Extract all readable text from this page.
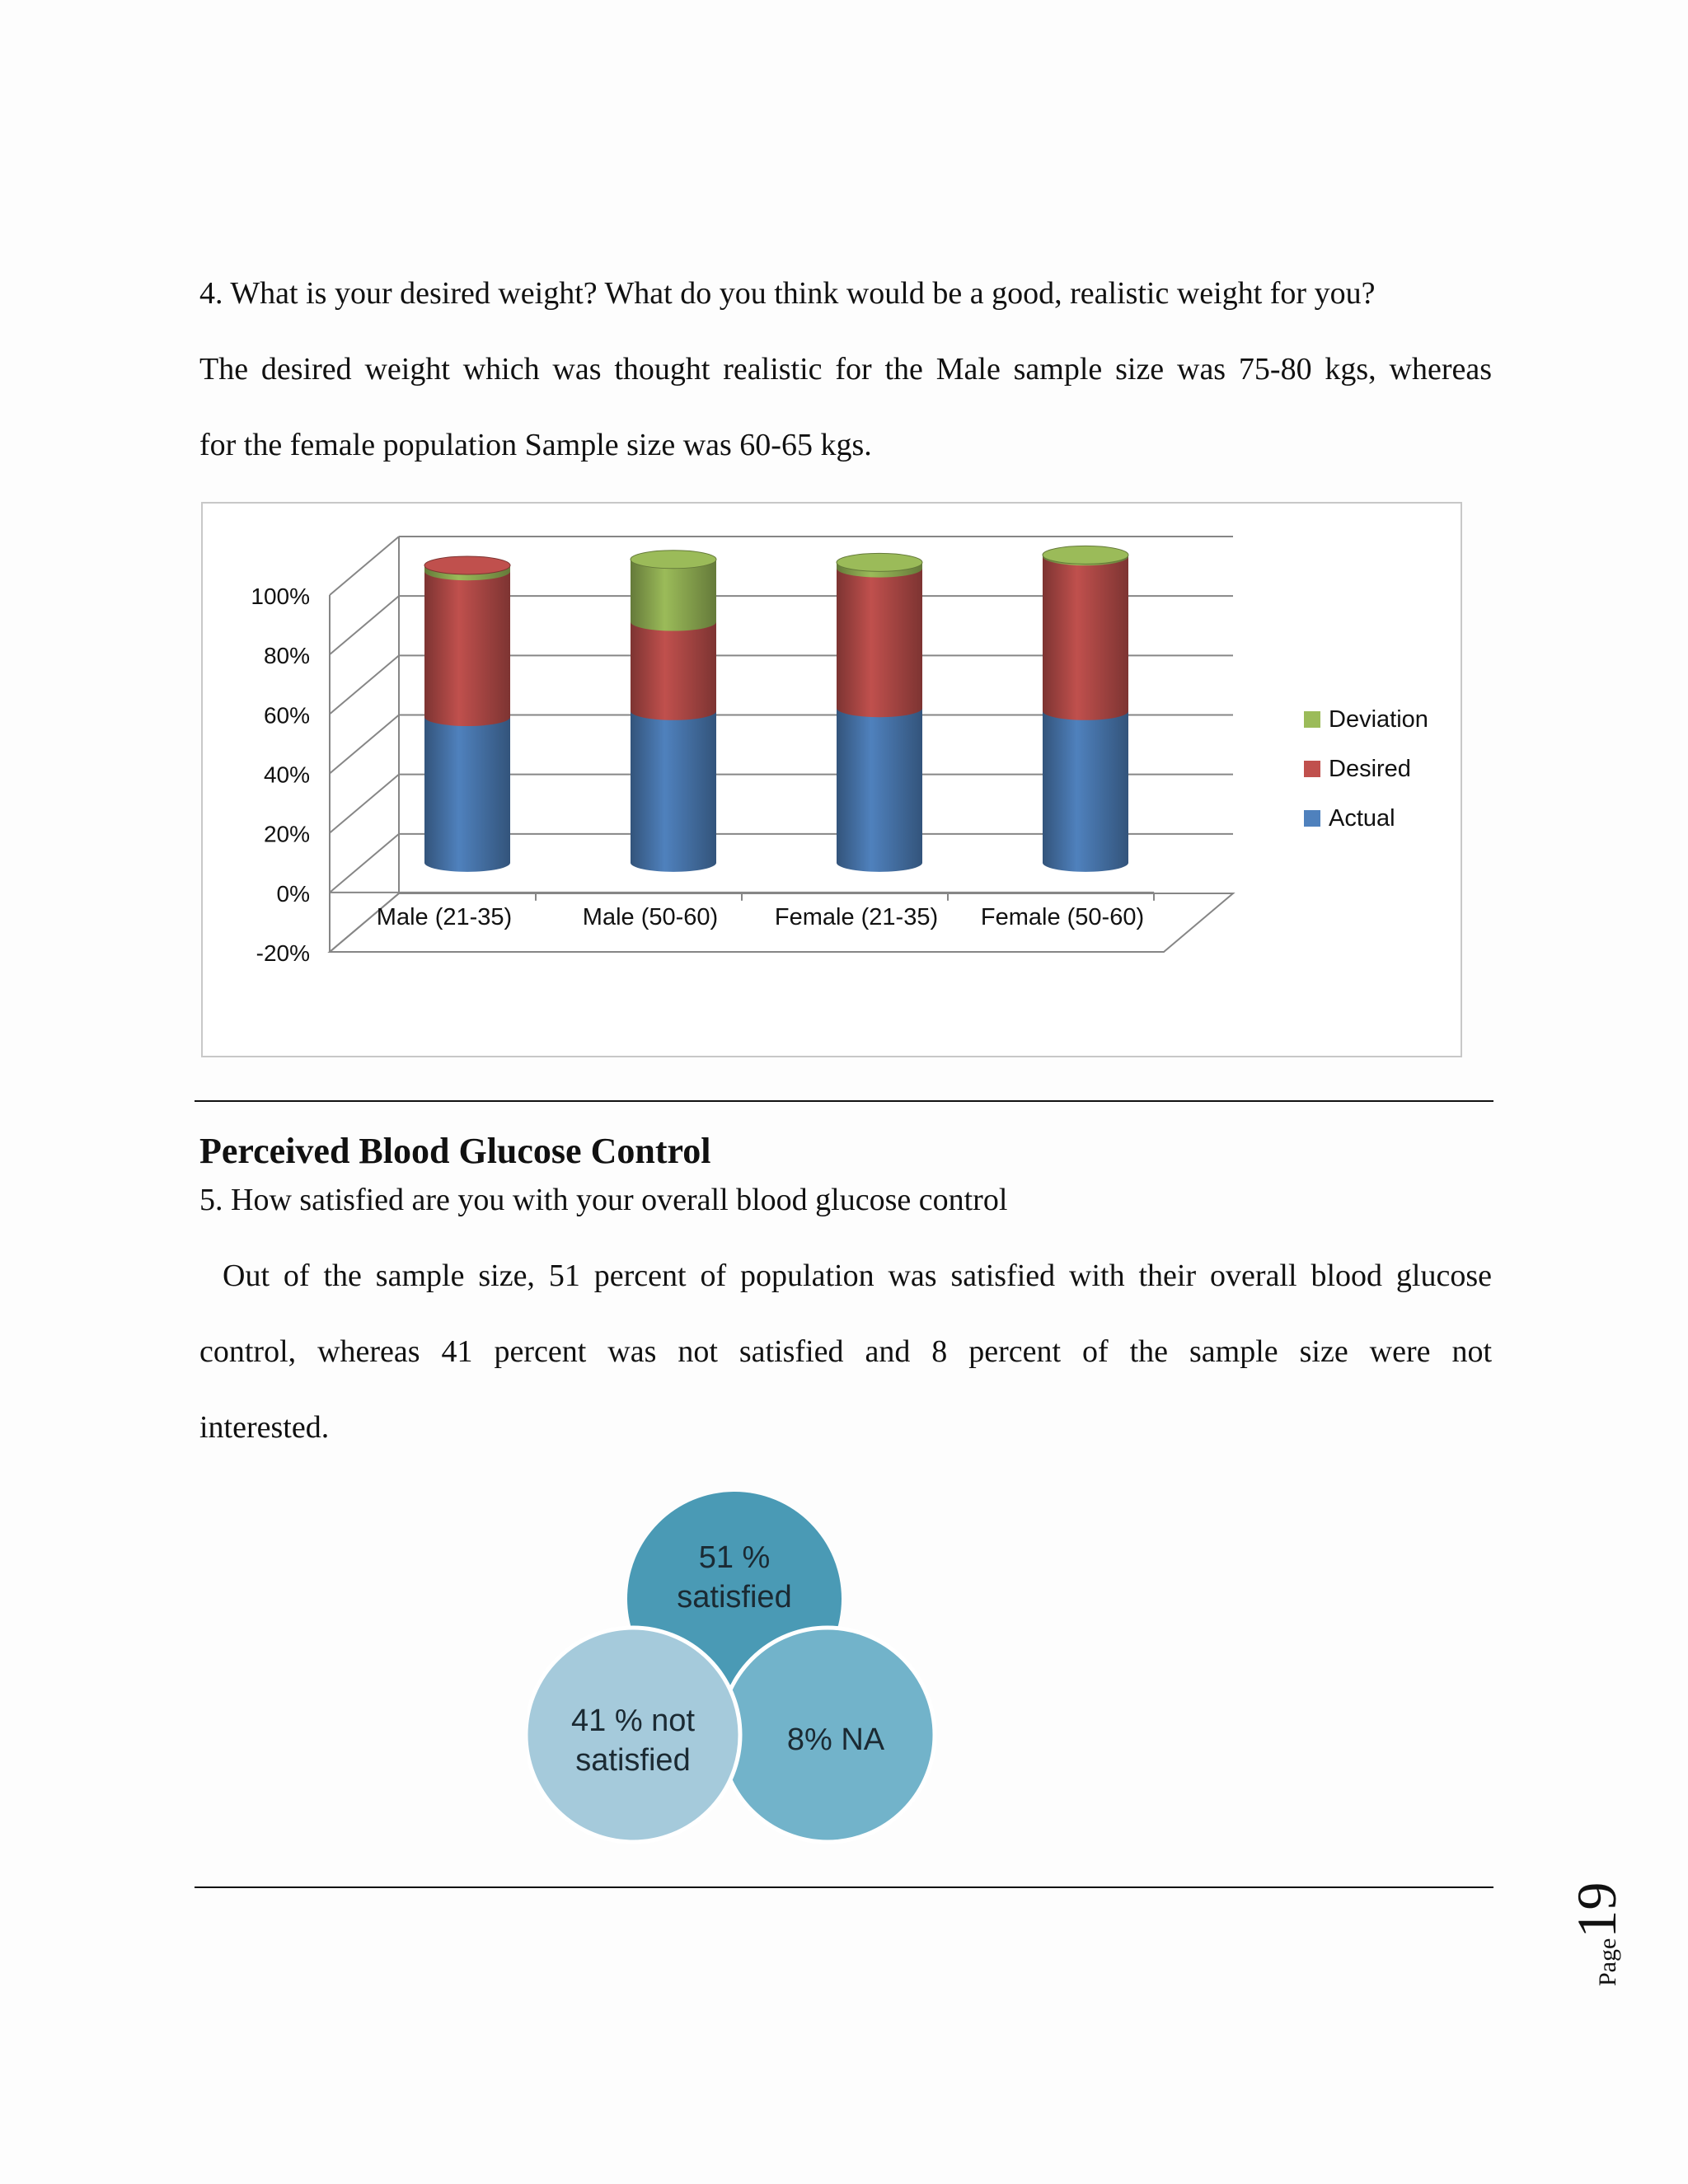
4. What is your desired weight? What do you think would be a good, realistic weight for you?

The desired weight which was thought realistic for the Male sample size was 75-80 kgs, whereas

for the female population Sample size was 60-65 kgs.

-20%
0%
20%
40%
60%
80%
100%
Male (21-35)	Male (50-60) Female (21-35) Female (50-60)
Deviation
Desired
Actual
Perceived Blood Glucose Control

5. How satisfied are you with your overall blood glucose control

Out of the sample size, 51 percent of population was satisfied with their overall blood glucose

control, whereas 41 percent was not satisfied and 8 percent of the sample size were not

interested.

51 %
satisfied
41 % not
satisfied
8% NA
Page19
